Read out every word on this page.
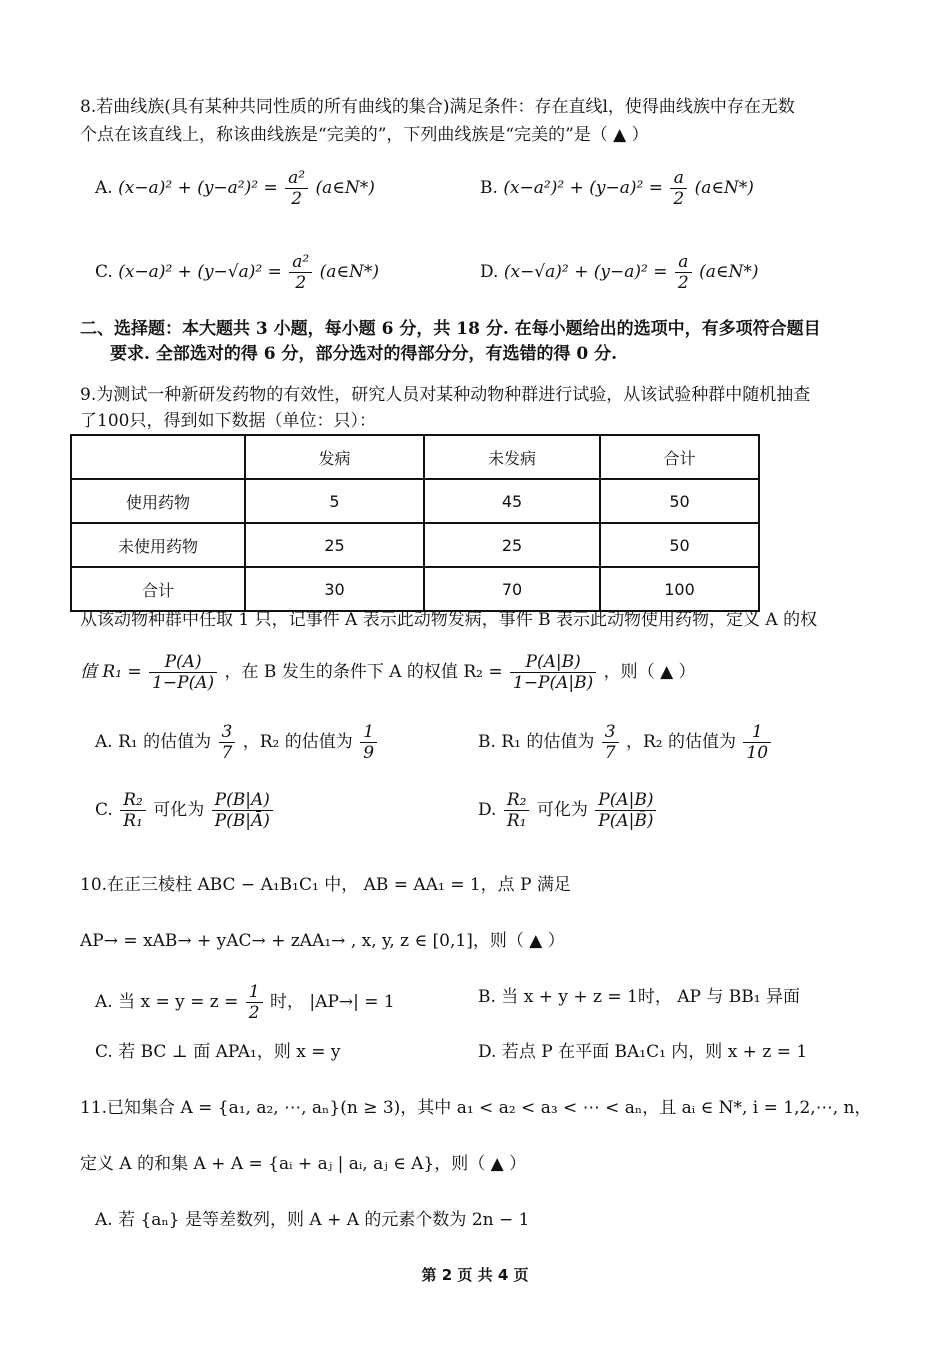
8.若曲线族(具有某种共同性质的所有曲线的集合)满足条件：存在直线l，使得曲线族中存在无数
个点在该直线上，称该曲线族是“完美的”，下列曲线族是“完美的”是（ ▲ ）
A. $(x-a)^2 + (y-a^2)^2 = \frac{\text{a²}}{2}$ (a∈N*)	B. $(x-a^2)^2 + (y-a)^2 = \frac{a}{2}$ (a∈N*)
C. $(x-a)^2 + (y-√a)^2 = \frac{\text{a²}}{2}$ (a∈N*)	D. $(x-√a)^2 + (y-a)^2 = \frac{a}{2}$ (a∈N*)
二、选择题：本大题共 3 小题，每小题 6 分，共 18 分. 在每小题给出的选项中，有多项符合题目
要求. 全部选对的得 6 分，部分选对的得部分分，有选错的得 0 分.
9.为测试一种新研发药物的有效性，研究人员对某种动物种群进行试验，从该试验种群中随机抽查
了100只，得到如下数据（单位：只）：
	发病	未发病	合计
使用药物	5	45	50
未使用药物	25	25	50
合计	30	70	100
从该动物种群中任取 1 只，记事件 A 表示此动物发病，事件 B 表示此动物使用药物，定义 A 的权
值 $R_1 = \frac{P(A)}{1-P(A)}$ ，在 B 发生的条件下 A 的权值 $R_2 = \frac{P(A|B)}{1-P(A|B)}$ ，则（ ▲ ）
A. R₁ 的估值为 $\frac{3}{7}$ ，R₂ 的估值为 $\frac{1}{9}$	B. R₁ 的估值为 $\frac{3}{7}$ ，R₂ 的估值为 $\frac{1}{10}$
C. $\frac{\text{R₂}}{\text{R₁}}$ 可化为 $\frac{P(B|A)}{P(B|Ā)}$	D. $\frac{\text{R₂}}{\text{R₁}}$ 可化为 $\frac{P(A|B)}{P(A|B̄)}$
10.在正三棱柱 ABC − A₁B₁C₁ 中， AB = AA₁ = 1，点 P 满足
AP→ = xAB→ + yAC→ + zAA₁→ , x, y, z ∈ [0,1]，则（ ▲ ）
A. 当 $x = y = z = \frac{1}{2}$ 时， |AP→| = 1	B. 当 x + y + z = 1时， AP 与 BB₁ 异面
C. 若 BC ⊥ 面 APA₁，则 x = y	D. 若点 P 在平面 BA₁C₁ 内，则 x + z = 1
11.已知集合 A = {a₁, a₂, ⋯, aₙ}(n ≥ 3)，其中 a₁ < a₂ < a₃ < ⋯ < aₙ，且 aᵢ ∈ N*, i = 1,2,⋯, n，
定义 A 的和集 A + A = {aᵢ + aⱼ | aᵢ, aⱼ ∈ A}，则（ ▲ ）
A. 若 {aₙ} 是等差数列，则 A + A 的元素个数为 2n − 1
第 2 页 共 4 页
